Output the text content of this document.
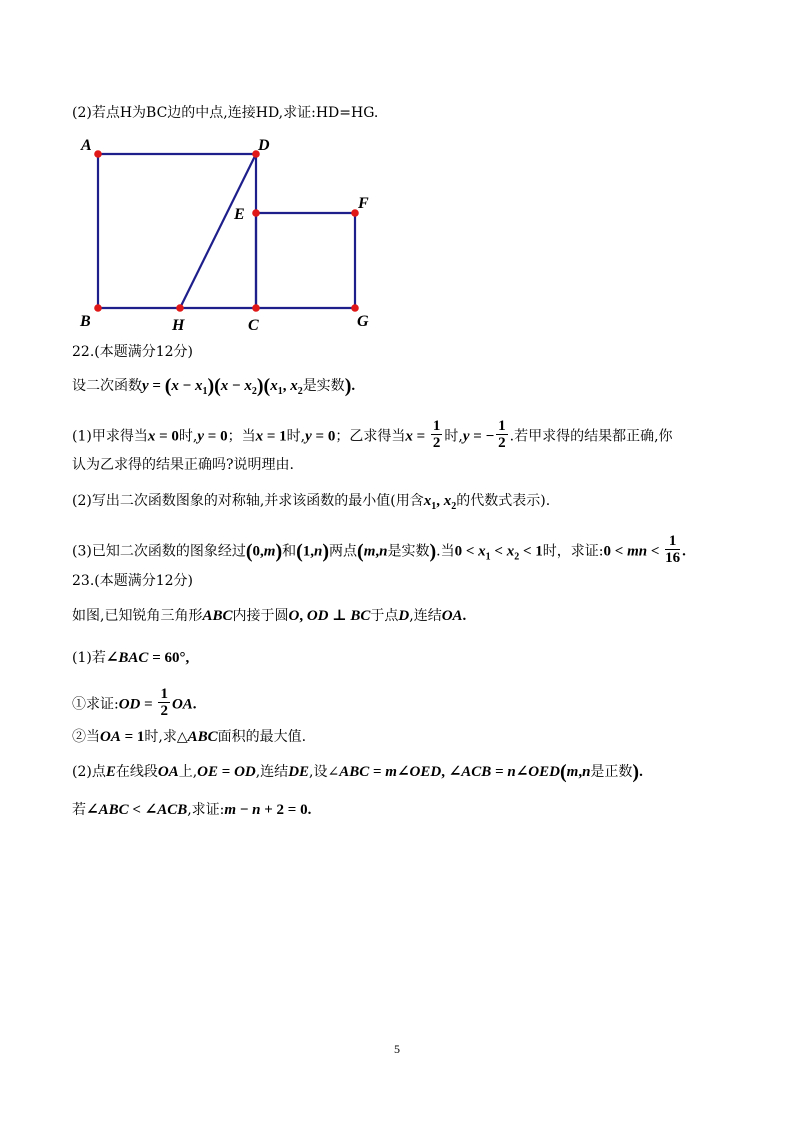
(2)若点H为BC边的中点,连接HD,求证:HD=HG.
A	D
E
F
B	H	C	G
22.(本题满分12分)
设二次函数$y = (x - x_1)(x - x_2)(x_1$, $x_2$是实数).
(1)甲求得当x = 0时,y = 0；当x = 1时,y = 0；乙求得当$x = \frac{1}{2}$ 时,y = − $\frac{1}{2}$ .若甲求得的结果都正确,你
认为乙求得的结果正确吗?说明理由.
(2)写出二次函数图象的对称轴,并求该函数的最小值(用含$x_1$, $x_2$的代数式表示).
(3)已知二次函数的图象经过(0,m)和(1,n)两点(m,n是实数).当$0 < x_1 < x_2 < 1$时，求证:0 < mn < $\frac{1}{16}$ .
23.(本题满分12分)
如图,已知锐角三角形ABC内接于圆O, OD ⊥ BC于点D,连结OA.
(1)若∠BAC = 60°,
①求证:OD = $\frac{1}{2}$ OA.
②当OA = 1时,求△ABC面积的最大值.
(2)点E在线段OA上,OE = OD,连结DE,设∠ABC = m∠OED, ∠ACB = n∠OED(m,n是正数).
若∠ABC < ∠ACB,求证:m − n + 2 = 0.
5
